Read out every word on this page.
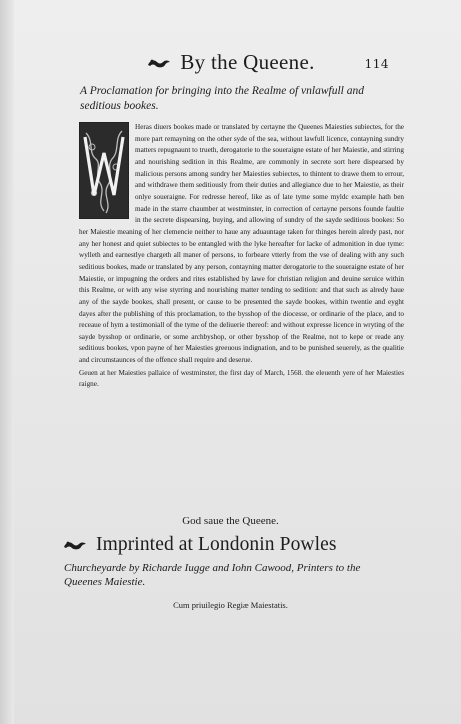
114
By the Queene.
A Proclamation for bringing into the Realme of vnlawfull and seditious bookes.

Heras diuers bookes made or translated by certayne the Queenes Maiesties subiectes, for the more part remayning on the other syde of the sea, without lawfull licence, contayning sundry matters repugnaunt to trueth, derogatorie to the soueraigne estate of her Maiestie, and stirring and nourishing sedition in this Realme, are commonly in secrete sort here dispearsed by malicious persons among sundry her Maiesties subiectes, to thintent to drawe them to errour, and withdrawe them seditiously from their duties and allegiance due to her Maiestie, as their onlye soueraigne. For redresse hereof, like as of late tyme some myldc example hath ben made in the starre chaumber at westminster, in correction of certayne persons founde faultie in the secrete dispearsing, buying, and allowing of sundry of the sayde seditious bookes: So her Maiestie meaning of her clemencie neither to haue any aduauntage taken for thinges herein alredy past, nor any her honest and quiet subiectes to be entangled with the lyke hereafter for lacke of admonition in due tyme: wylleth and earnestlye chargeth all maner of persons, to forbeare vtterly from the vse of dealing with any such seditious bookes, made or translated by any person, contayning matter derogatorie to the soueraigne estate of her Maiestie, or impugning the orders and rites established by lawe for christian religion and deuine seruice within this Realme, or with any wise styrring and nourishing matter tending to sedition: and that such as alredy haue any of the sayde bookes, shall present, or cause to be presented the sayde bookes, within twentie and eyght dayes after the publishing of this proclamation, to the bysshop of the diocesse, or ordinarie of the place, and to receaue of hym a testimoniall of the tyme of the deliuerie thereof: and without expresse licence in wryting of the sayde bysshop or ordinarie, or some archbyshop, or other bysshop of the Realme, not to kepe or reade any seditious bookes, vpon payne of her Maiesties greeuous indignation, and to be punished seuerely, as the qualitie and circumstaunces of the offence shall require and deserue.

Geuen at her Maiesties pallaice of westminster, the first day of March, 1568. the eleuenth yere of her Maiesties raigne.

God saue the Queene.
Imprinted at Londonin Powles
Churcheyarde by Richarde Iugge and Iohn Cawood, Printers to the Queenes Maiestie.
Cum priuilegio Regiæ Maiestatis.
